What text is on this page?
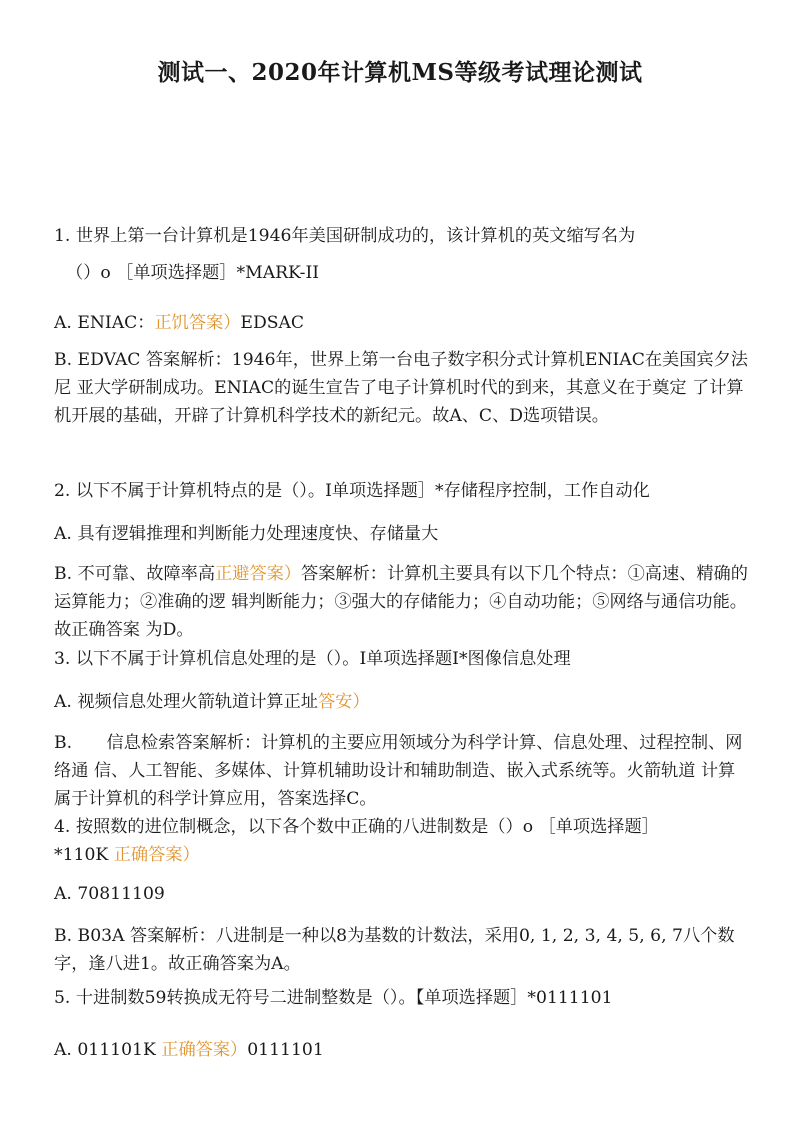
测试一、2020年计算机MS等级考试理论测试
1. 世界上第一台计算机是1946年美国研制成功的，该计算机的英文缩写名为
（）o ［单项选择题］*MARK-II
A. ENIAC：正饥答案）EDSAC
B. EDVAC 答案解析：1946年，世界上第一台电子数字积分式计算机ENIAC在美国宾夕法尼 亚大学研制成功。ENIAC的诞生宣告了电子计算机时代的到来，其意义在于奠定 了计算机开展的基础，开辟了计算机科学技术的新纪元。故A、C、D选项错误。
2. 以下不属于计算机特点的是（）。I单项选择题］*存储程序控制，工作自动化
A. 具有逻辑推理和判断能力处理速度快、存储量大
B. 不可靠、故障率高正避答案）答案解析：计算机主要具有以下几个特点：①高速、精确的运算能力；②准确的逻 辑判断能力；③强大的存储能力；④自动功能；⑤网络与通信功能。故正确答案 为D。
3. 以下不属于计算机信息处理的是（）。I单项选择题I*图像信息处理
A. 视频信息处理火箭轨道计算正址答安）
B.　　信息检索答案解析：计算机的主要应用领域分为科学计算、信息处理、过程控制、网络通 信、人工智能、多媒体、计算机辅助设计和辅助制造、嵌入式系统等。火箭轨道 计算属于计算机的科学计算应用，答案选择C。
4. 按照数的进位制概念，以下各个数中正确的八进制数是（）o ［单项选择题］
*110K 正确答案）
A. 70811109
B. B03A 答案解析：八进制是一种以8为基数的计数法，采用0, 1, 2, 3, 4, 5, 6, 7八个数字，逢八进1。故正确答案为A。
5. 十进制数59转换成无符号二进制整数是（）。【单项选择题］*0111101
A. 011101K 正确答案）0111101
